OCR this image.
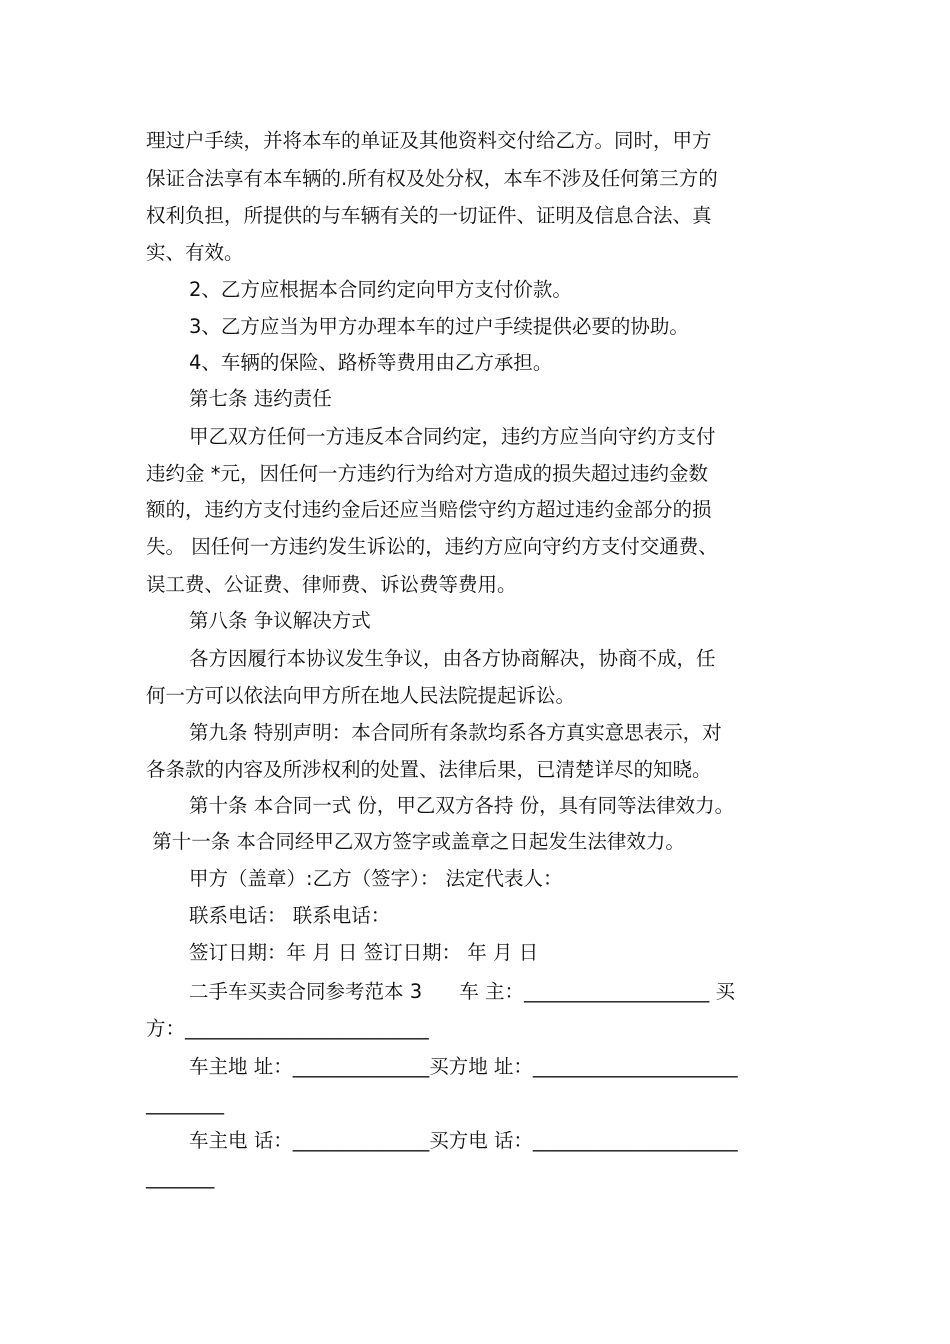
理过户手续，并将本车的单证及其他资料交付给乙方。同时，甲方
保证合法享有本车辆的.所有权及处分权，本车不涉及任何第三方的
权利负担，所提供的与车辆有关的一切证件、证明及信息合法、真
实、有效。
2、乙方应根据本合同约定向甲方支付价款。
3、乙方应当为甲方办理本车的过户手续提供必要的协助。
4、车辆的保险、路桥等费用由乙方承担。
第七条 违约责任
甲乙双方任何一方违反本合同约定，违约方应当向守约方支付
违约金 *元，因任何一方违约行为给对方造成的损失超过违约金数
额的，违约方支付违约金后还应当赔偿守约方超过违约金部分的损
失。 因任何一方违约发生诉讼的，违约方应向守约方支付交通费、
误工费、公证费、律师费、诉讼费等费用。
第八条 争议解决方式
各方因履行本协议发生争议，由各方协商解决，协商不成，任
何一方可以依法向甲方所在地人民法院提起诉讼。
第九条 特别声明：本合同所有条款均系各方真实意思表示，对
各条款的内容及所涉权利的处置、法律后果，已清楚详尽的知晓。
第十条 本合同一式 份，甲乙双方各持 份，具有同等法律效力。
第十一条 本合同经甲乙双方签字或盖章之日起发生法律效力。
甲方（盖章）:乙方（签字）： 法定代表人：
联系电话： 联系电话：
签订日期：年 月 日 签订日期： 年 月 日
二手车买卖合同参考范本 3      车 主：___________________ 买
方：_________________________
车主地 址：______________买方地 址：_____________________
________
车主电 话：______________买方电 话：_____________________
_______
